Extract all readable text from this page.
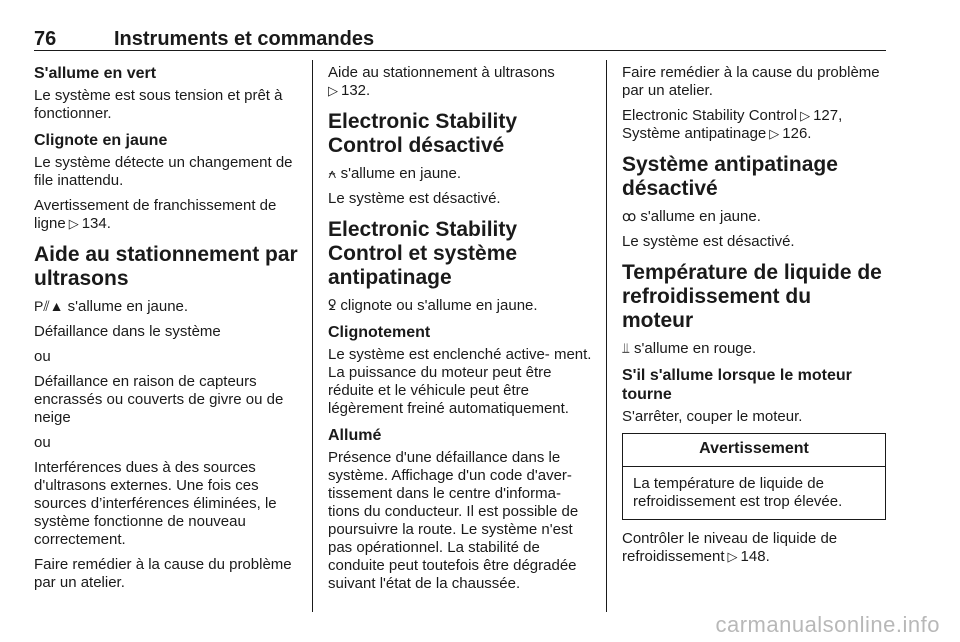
76	Instruments et commandes
S'allume en vert

Le système est sous tension et prêt à fonctionner.

Clignote en jaune

Le système détecte un changement de file inattendu.

Avertissement de franchissement de ligne ▷ 134.

Aide au stationnement par ultrasons

P⫽▲ s'allume en jaune.

Défaillance dans le système

ou

Défaillance en raison de capteurs encrassés ou couverts de givre ou de neige

ou

Interférences dues à des sources d'ultrasons externes. Une fois ces sources d’interférences éliminées, le système fonctionne de nouveau correctement.

Faire remédier à la cause du problème par un atelier.

Aide au stationnement à ultrasons
▷ 132.

Electronic Stability Control désactivé

⍲ s'allume en jaune.

Le système est désactivé.

Electronic Stability Control et système antipatinage

ꝿ clignote ou s'allume en jaune.

Clignotement

Le système est enclenché active- ment. La puissance du moteur peut être réduite et le véhicule peut être légèrement freiné automatiquement.

Allumé

Présence d'une défaillance dans le système. Affichage d'un code d'aver- tissement dans le centre d'informa- tions du conducteur. Il est possible de poursuivre la route. Le système n'est pas opérationnel. La stabilité de conduite peut toutefois être dégradée suivant l'état de la chaussée.

Faire remédier à la cause du problème par un atelier.

Electronic Stability Control ▷ 127,
Système antipatinage ▷ 126.

Système antipatinage désactivé

ꝏ s'allume en jaune.

Le système est désactivé.

Température de liquide de refroidissement du moteur

⫫ s'allume en rouge.

S'il s'allume lorsque le moteur tourne

S'arrêter, couper le moteur.

Avertissement
La température de liquide de refroidissement est trop élevée.

Contrôler le niveau de liquide de refroidissement ▷ 148.

carmanualsonline.info
